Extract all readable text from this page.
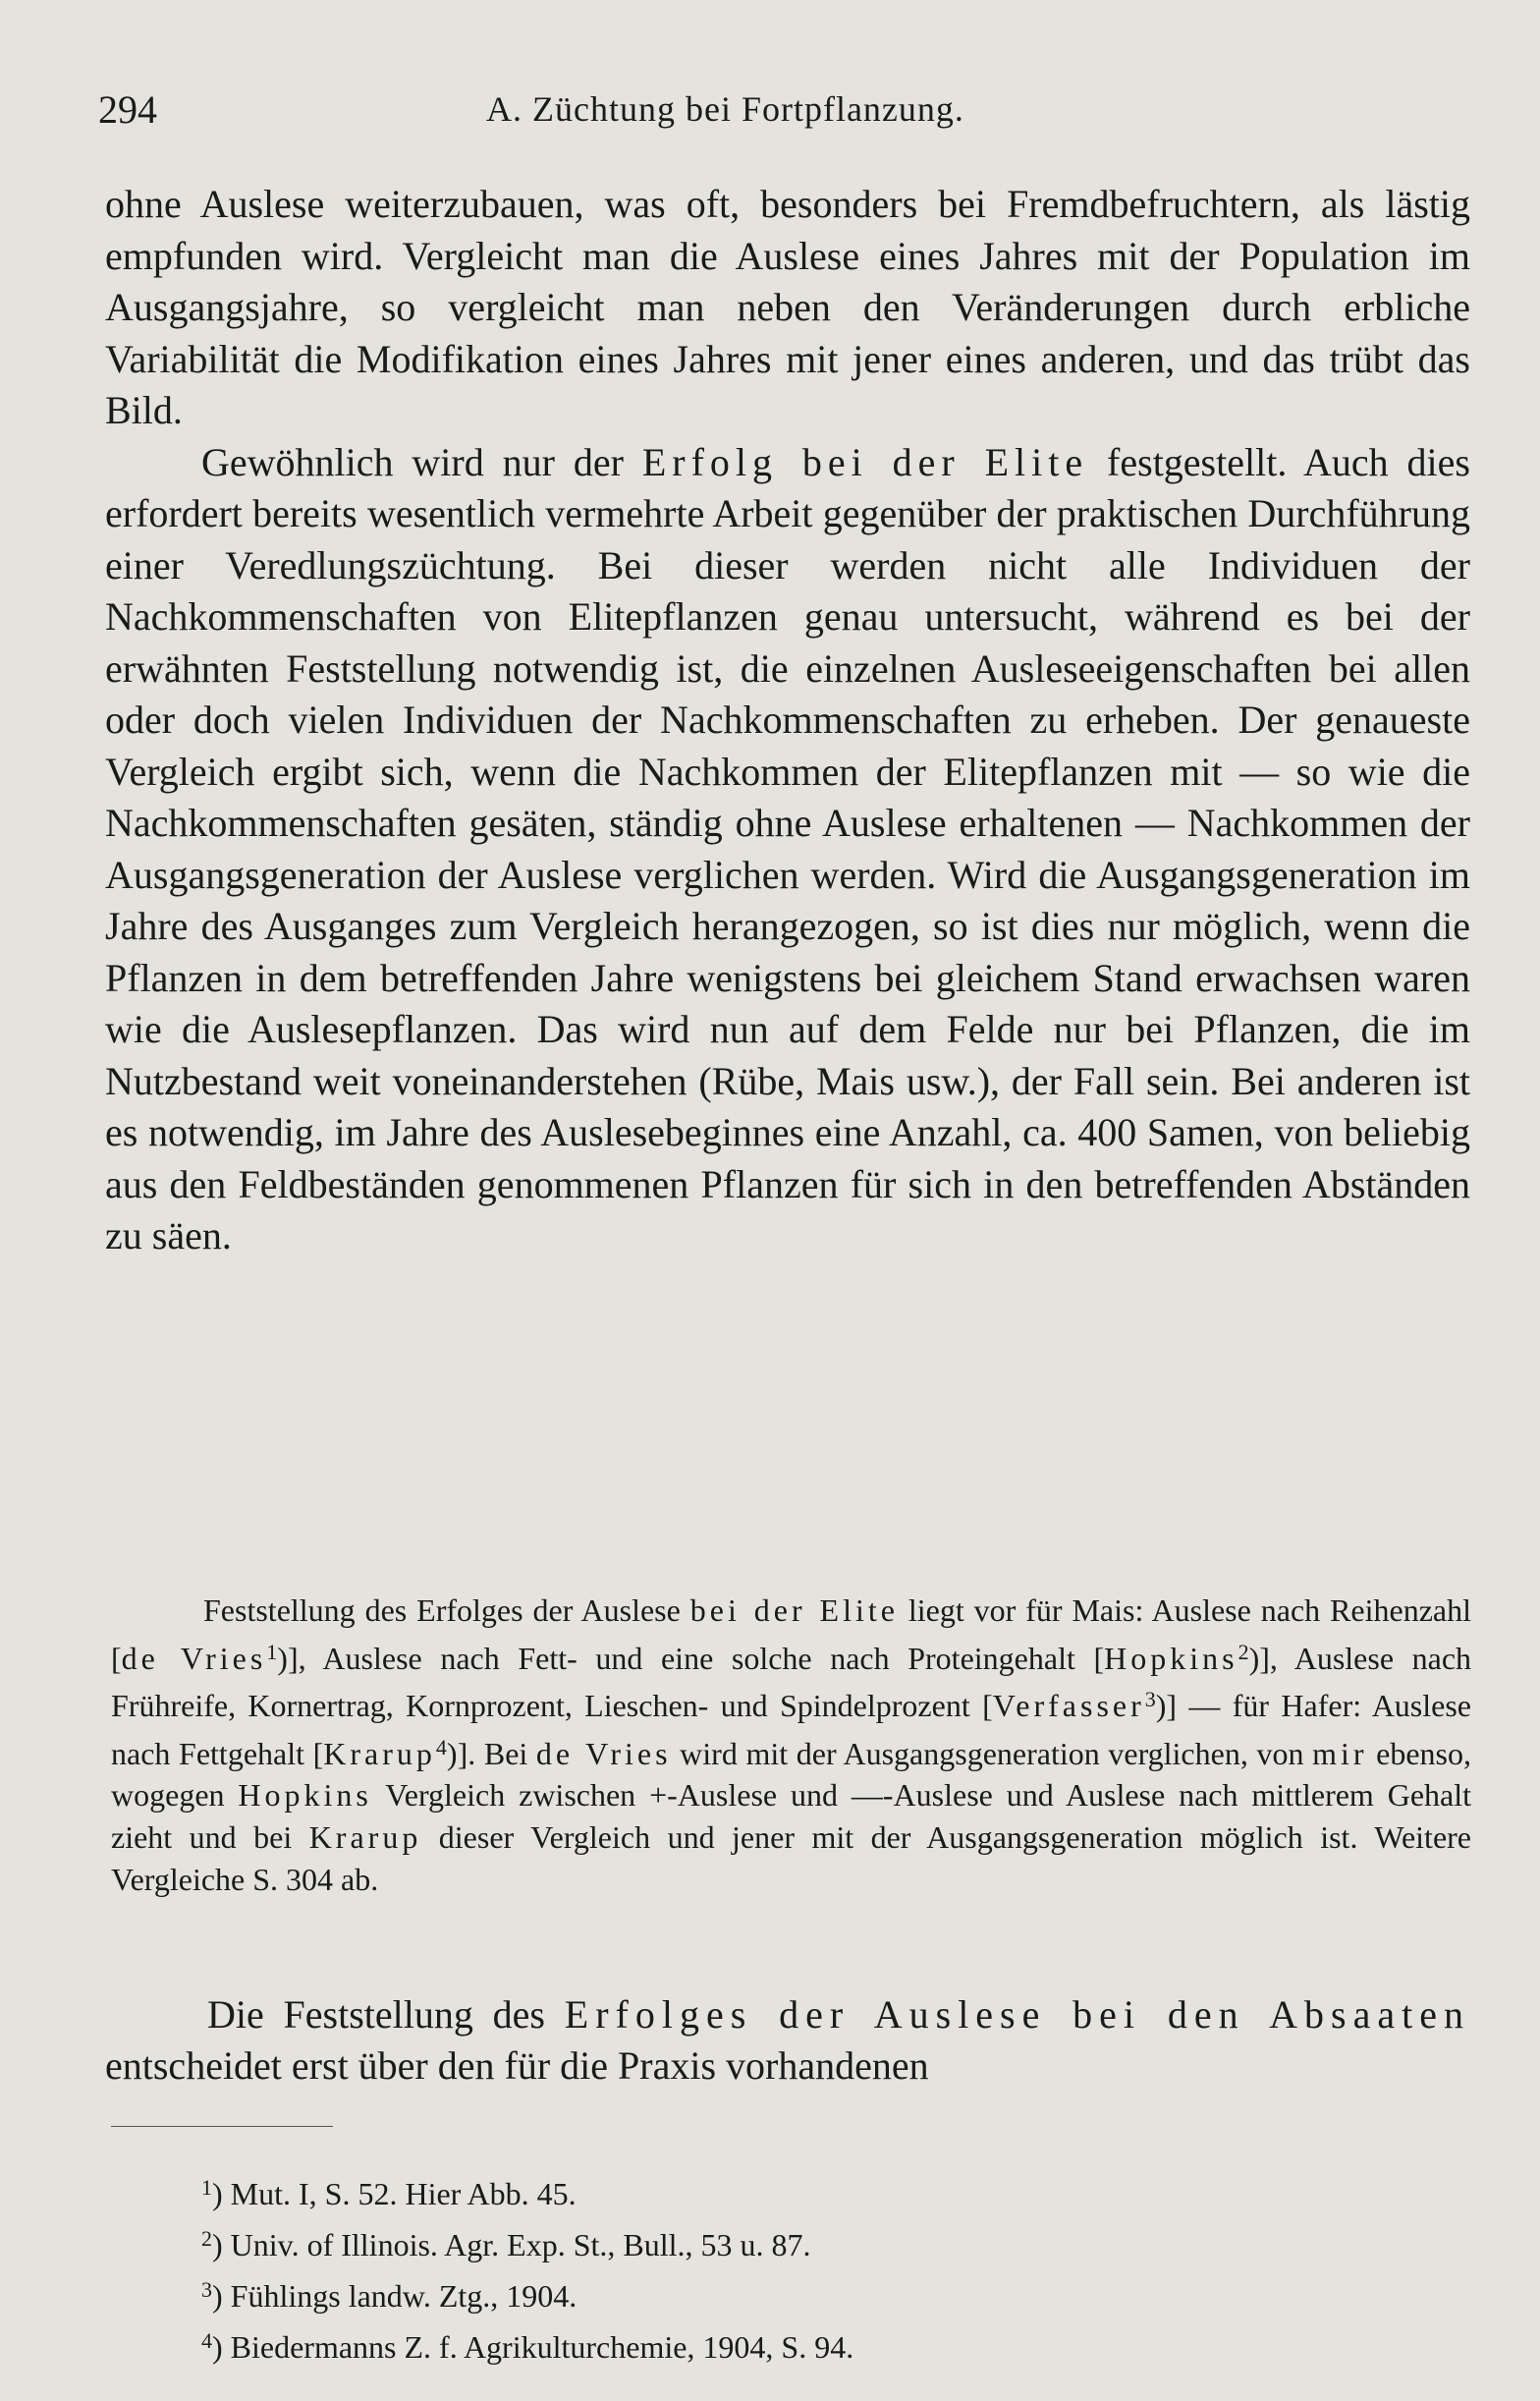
294	A. Züchtung bei Fortpflanzung.

ohne Auslese weiterzubauen, was oft, besonders bei Fremdbefruchtern, als lästig empfunden wird. Vergleicht man die Auslese eines Jahres mit der Population im Ausgangsjahre, so vergleicht man neben den Veränderungen durch erbliche Variabilität die Modifikation eines Jahres mit jener eines anderen, und das trübt das Bild.

Gewöhnlich wird nur der Erfolg bei der Elite festgestellt. Auch dies erfordert bereits wesentlich vermehrte Arbeit gegenüber der praktischen Durchführung einer Veredlungszüchtung. Bei dieser werden nicht alle Individuen der Nachkommenschaften von Elitepflanzen genau untersucht, während es bei der erwähnten Feststellung notwendig ist, die einzelnen Ausleseeigenschaften bei allen oder doch vielen Individuen der Nachkommenschaften zu erheben. Der genaueste Vergleich ergibt sich, wenn die Nachkommen der Elitepflanzen mit — so wie die Nachkommenschaften gesäten, ständig ohne Auslese erhaltenen — Nachkommen der Ausgangsgeneration der Auslese verglichen werden. Wird die Ausgangsgeneration im Jahre des Ausganges zum Vergleich herangezogen, so ist dies nur möglich, wenn die Pflanzen in dem betreffenden Jahre wenigstens bei gleichem Stand erwachsen waren wie die Auslesepflanzen. Das wird nun auf dem Felde nur bei Pflanzen, die im Nutzbestand weit voneinanderstehen (Rübe, Mais usw.), der Fall sein. Bei anderen ist es notwendig, im Jahre des Auslesebeginnes eine Anzahl, ca. 400 Samen, von beliebig aus den Feldbeständen genommenen Pflanzen für sich in den betreffenden Abständen zu säen.

Feststellung des Erfolges der Auslese bei der Elite liegt vor für Mais: Auslese nach Reihenzahl [de Vries$^1$)], Auslese nach Fett- und eine solche nach Proteingehalt [Hopkins$^2$)], Auslese nach Frühreife, Kornertrag, Kornprozent, Lieschen- und Spindelprozent [Verfasser$^3$)] — für Hafer: Auslese nach Fettgehalt [Krarup$^4$)]. Bei de Vries wird mit der Ausgangsgeneration verglichen, von mir ebenso, wogegen Hopkins Vergleich zwischen +-Auslese und —-Auslese und Auslese nach mittlerem Gehalt zieht und bei Krarup dieser Vergleich und jener mit der Ausgangsgeneration möglich ist. Weitere Vergleiche S. 304 ab.
Die Feststellung des Erfolges der Auslese bei den Absaaten entscheidet erst über den für die Praxis vorhandenen
$^1$) Mut. I, S. 52. Hier Abb. 45.
$^2$) Univ. of Illinois. Agr. Exp. St., Bull., 53 u. 87.
$^3$) Fühlings landw. Ztg., 1904.
$^4$) Biedermanns Z. f. Agrikulturchemie, 1904, S. 94.
